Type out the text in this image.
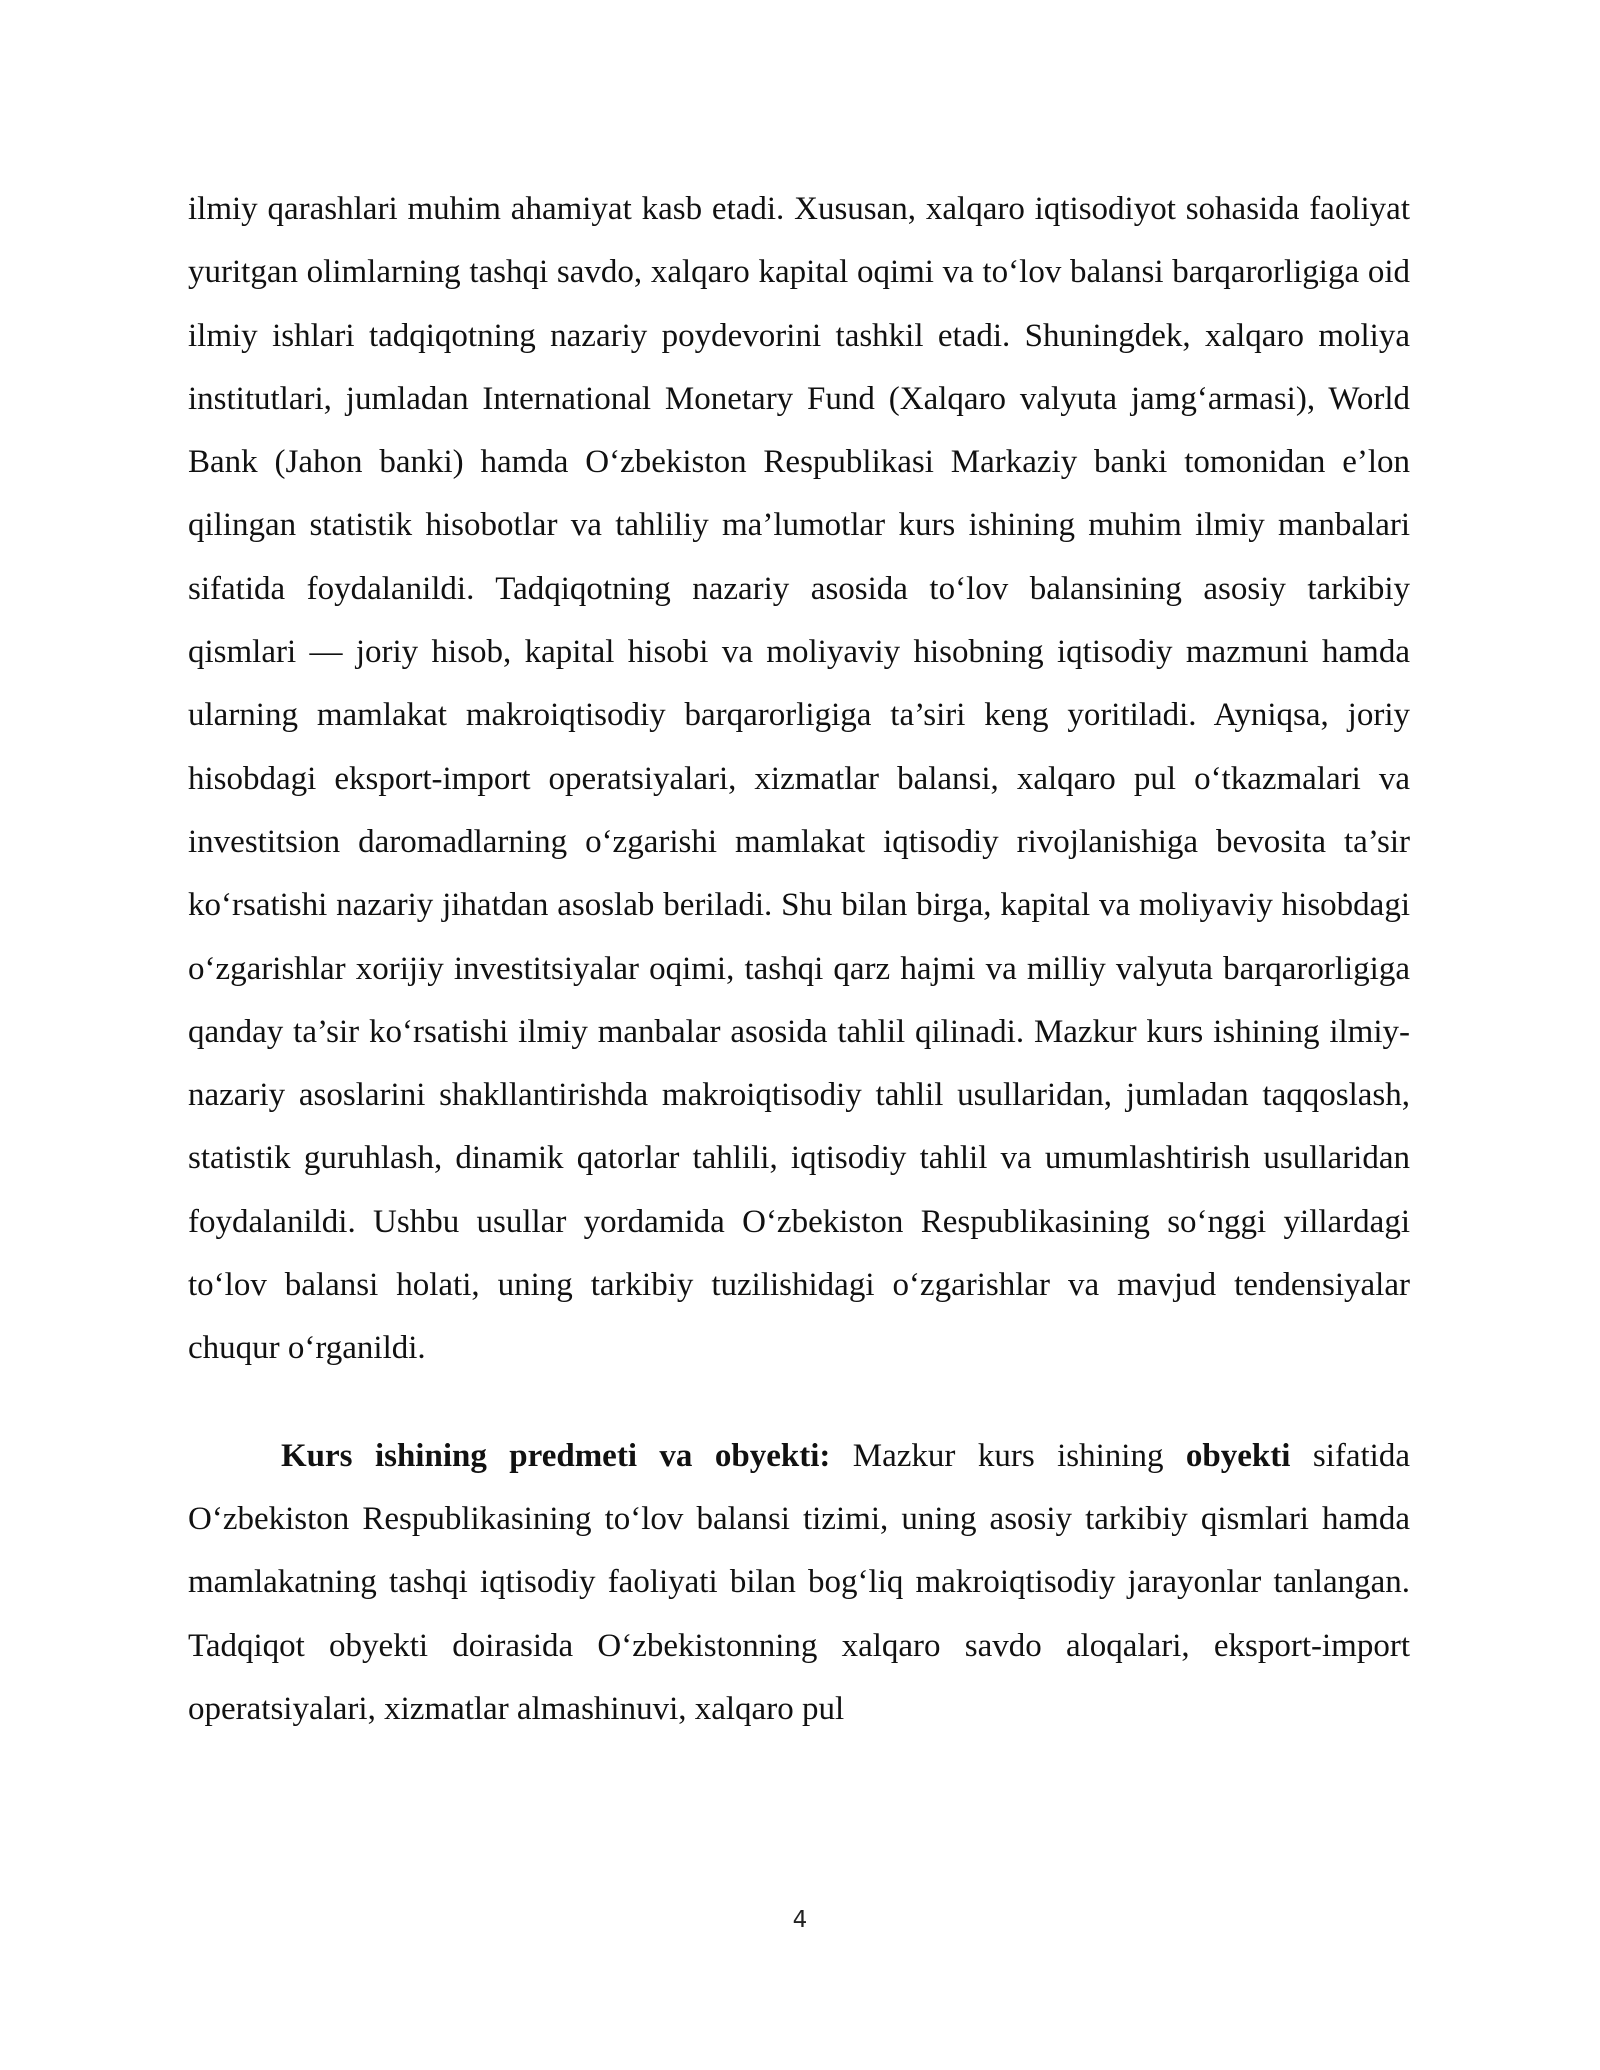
ilmiy qarashlari muhim ahamiyat kasb etadi. Xususan, xalqaro iqtisodiyot sohasida faoliyat yuritgan olimlarning tashqi savdo, xalqaro kapital oqimi va to‘lov balansi barqarorligiga oid ilmiy ishlari tadqiqotning nazariy poydevorini tashkil etadi. Shuningdek, xalqaro moliya institutlari, jumladan International Monetary Fund (Xalqaro valyuta jamg‘armasi), World Bank (Jahon banki) hamda O‘zbekiston Respublikasi Markaziy banki tomonidan e’lon qilingan statistik hisobotlar va tahliliy ma’lumotlar kurs ishining muhim ilmiy manbalari sifatida foydalanildi. Tadqiqotning nazariy asosida to‘lov balansining asosiy tarkibiy qismlari — joriy hisob, kapital hisobi va moliyaviy hisobning iqtisodiy mazmuni hamda ularning mamlakat makroiqtisodiy barqarorligiga ta’siri keng yoritiladi. Ayniqsa, joriy hisobdagi eksport-import operatsiyalari, xizmatlar balansi, xalqaro pul o‘tkazmalari va investitsion daromadlarning o‘zgarishi mamlakat iqtisodiy rivojlanishiga bevosita ta’sir ko‘rsatishi nazariy jihatdan asoslab beriladi. Shu bilan birga, kapital va moliyaviy hisobdagi o‘zgarishlar xorijiy investitsiyalar oqimi, tashqi qarz hajmi va milliy valyuta barqarorligiga qanday ta’sir ko‘rsatishi ilmiy manbalar asosida tahlil qilinadi. Mazkur kurs ishining ilmiy-nazariy asoslarini shakllantirishda makroiqtisodiy tahlil usullaridan, jumladan taqqoslash, statistik guruhlash, dinamik qatorlar tahlili, iqtisodiy tahlil va umumlashtirish usullaridan foydalanildi. Ushbu usullar yordamida O‘zbekiston Respublikasining so‘nggi yillardagi to‘lov balansi holati, uning tarkibiy tuzilishidagi o‘zgarishlar va mavjud tendensiyalar chuqur o‘rganildi.

Kurs ishining predmeti va obyekti: Mazkur kurs ishining obyekti sifatida O‘zbekiston Respublikasining to‘lov balansi tizimi, uning asosiy tarkibiy qismlari hamda mamlakatning tashqi iqtisodiy faoliyati bilan bog‘liq makroiqtisodiy jarayonlar tanlangan. Tadqiqot obyekti doirasida O‘zbekistonning xalqaro savdo aloqalari, eksport-import operatsiyalari, xizmatlar almashinuvi, xalqaro pul

4
